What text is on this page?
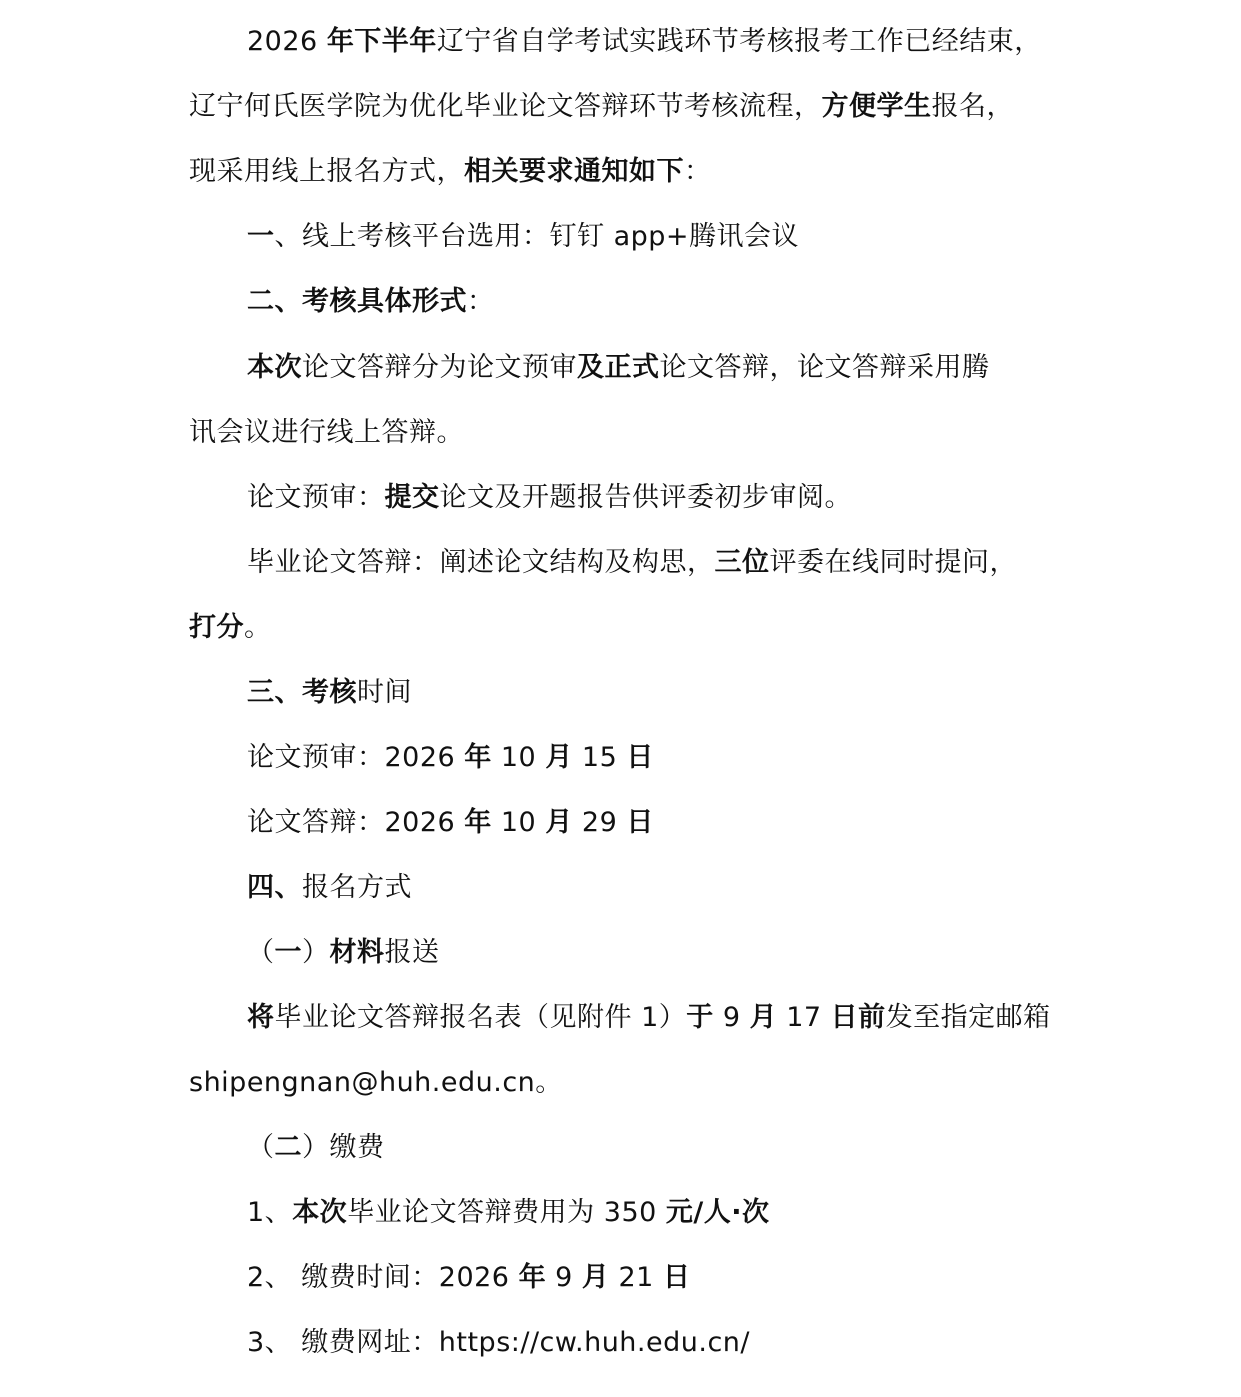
2026 年下半年辽宁省自学考试实践环节考核报考工作已经结束，
辽宁何氏医学院为优化毕业论文答辩环节考核流程，方便学生报名，
现采用线上报名方式，相关要求通知如下：
一、线上考核平台选用：钉钉 app+腾讯会议
二、考核具体形式：
本次论文答辩分为论文预审及正式论文答辩，论文答辩采用腾
讯会议进行线上答辩。
论文预审：提交论文及开题报告供评委初步审阅。
毕业论文答辩：阐述论文结构及构思，三位评委在线同时提问，
打分。
三、考核时间
论文预审：2026 年 10 月 15 日
论文答辩：2026 年 10 月 29 日
四、报名方式
（一）材料报送
将毕业论文答辩报名表（见附件 1）于 9 月 17 日前发至指定邮箱
shipengnan@huh.edu.cn。
（二）缴费
1、本次毕业论文答辩费用为 350 元/人·次
2、 缴费时间：2026 年 9 月 21 日
3、 缴费网址：https://cw.huh.edu.cn/
